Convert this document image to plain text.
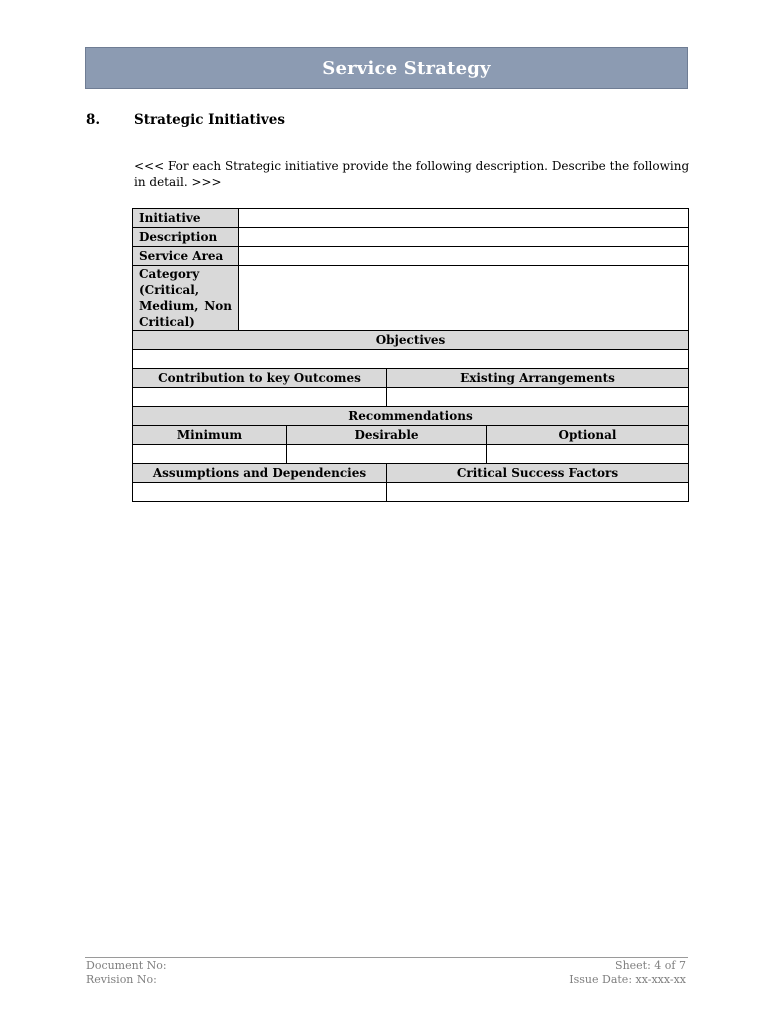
Service Strategy
8.	Strategic Initiatives
<<< For each Strategic initiative provide the following description. Describe the following in detail. >>>
Initiative				
Description				
Service Area				
Category (Critical, Medium, Non Critical)				
Objectives				

Contribution to key Outcomes			Existing Arrangements	

Recommendations				
Minimum		Desirable		Optional

Assumptions and Dependencies			Critical Success Factors	

Document No:	Sheet: 4 of 7
Revision No:	Issue Date: xx-xxx-xx
